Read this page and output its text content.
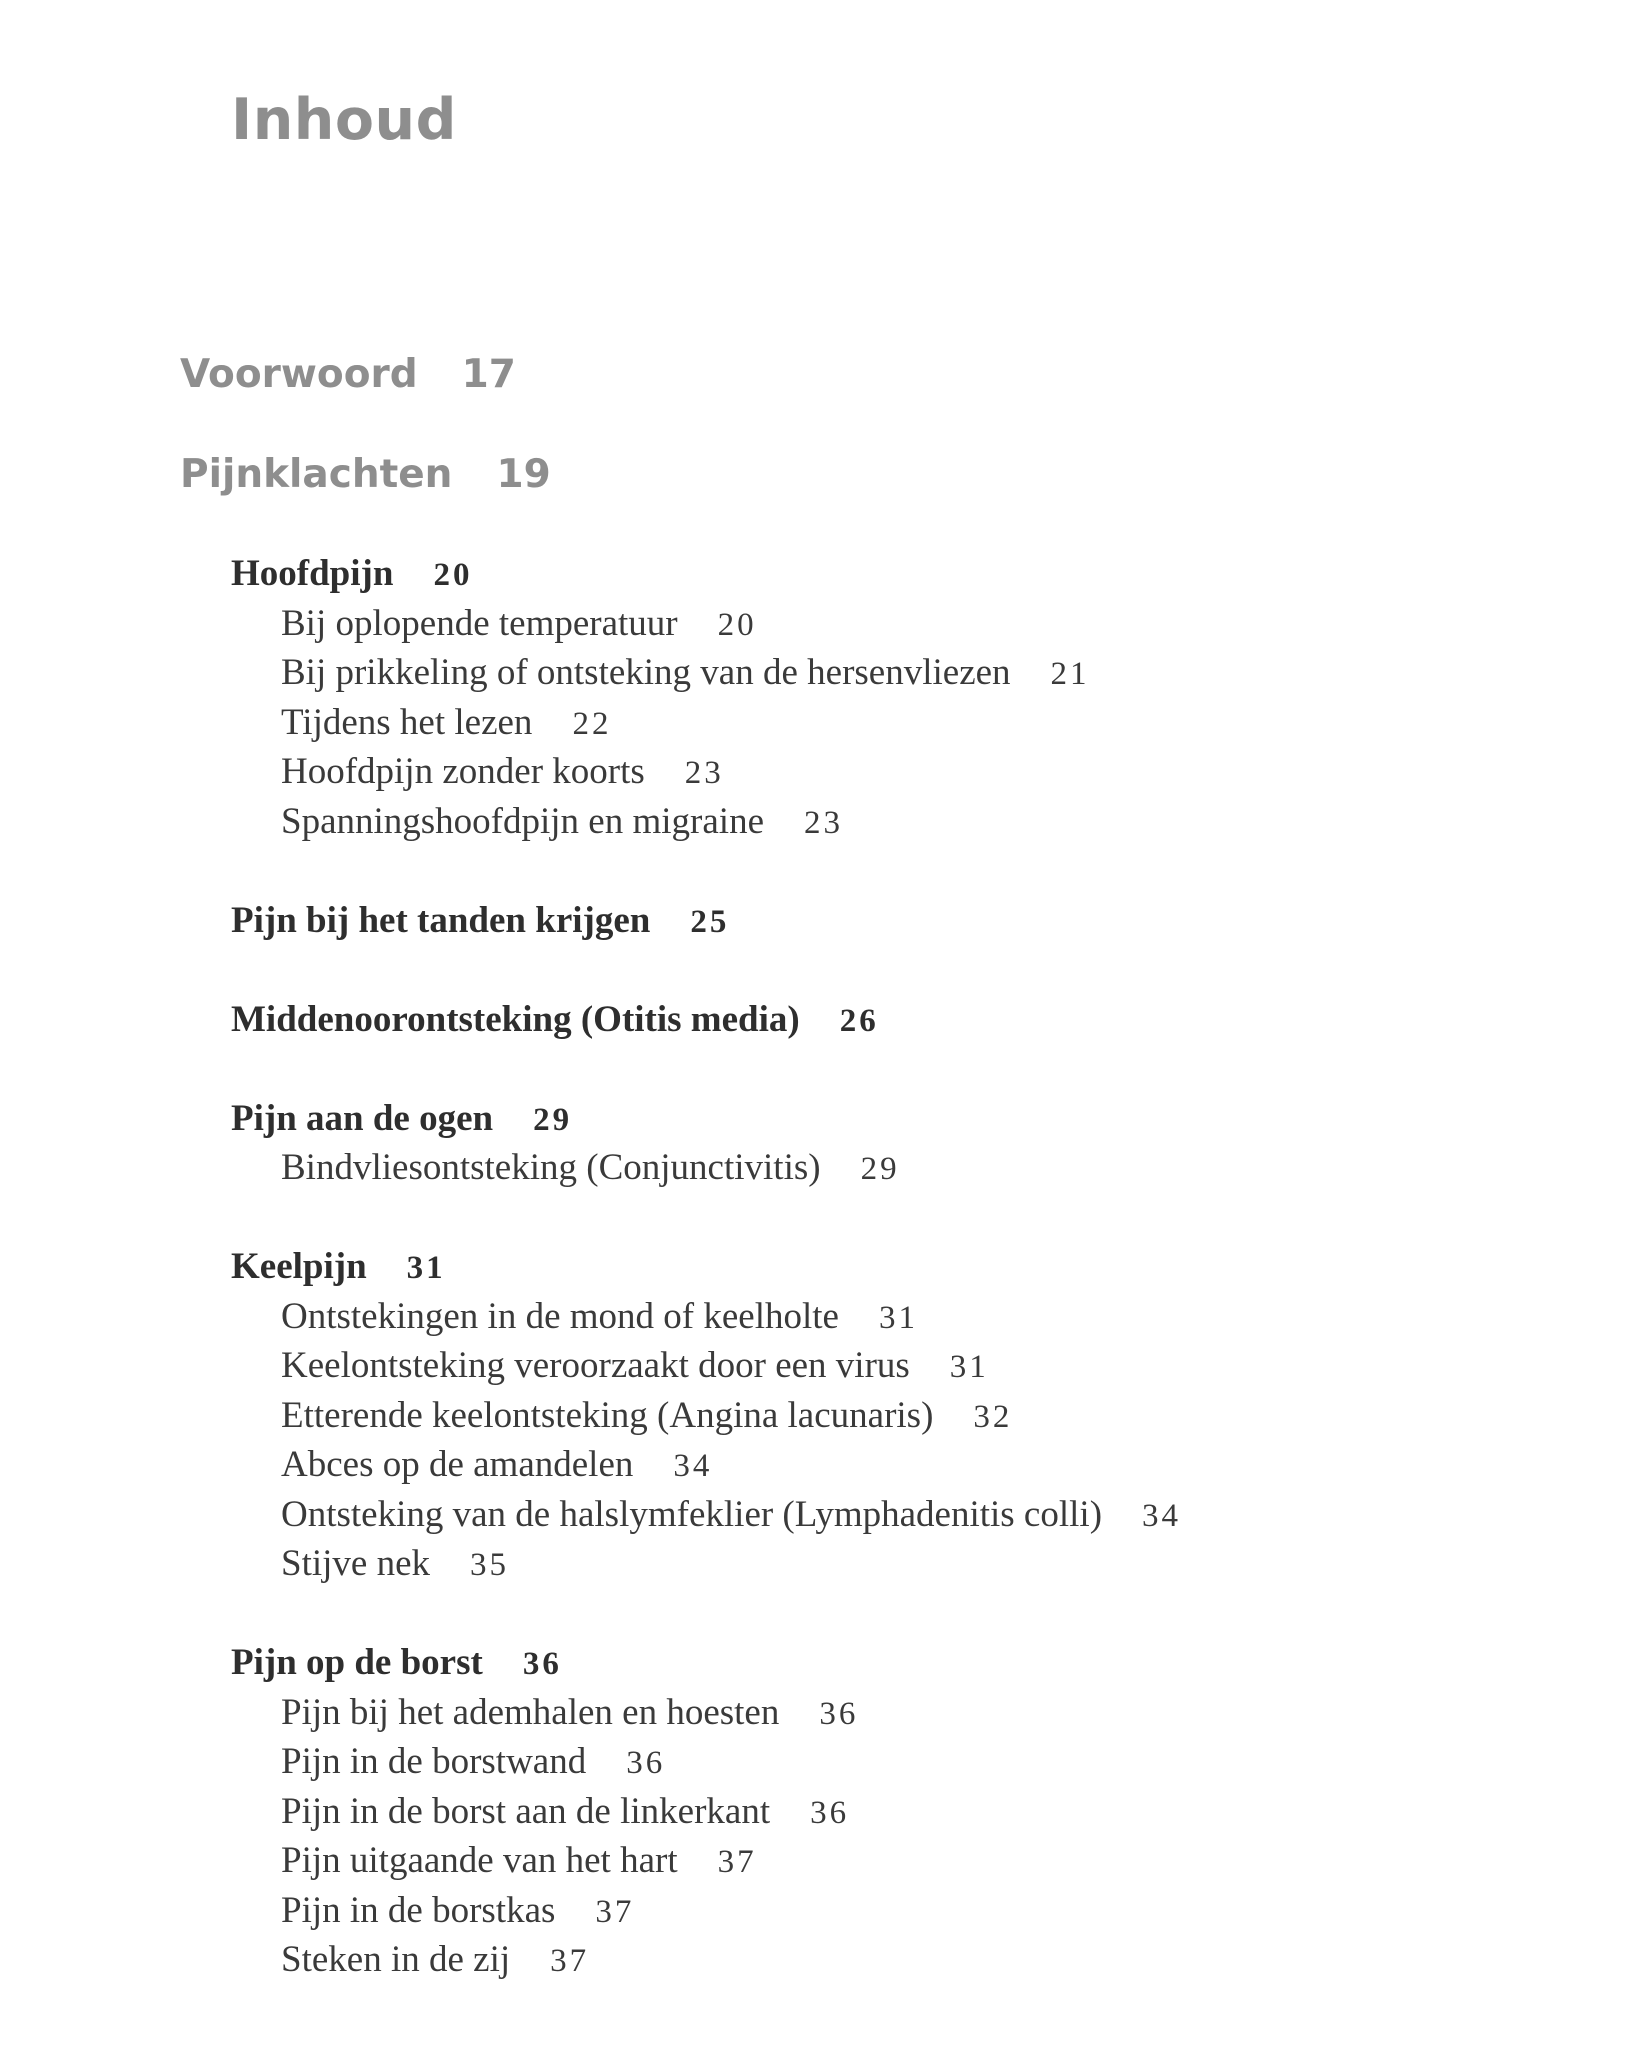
Inhoud
Voorwoord 17
Pijnklachten 19
Hoofdpijn 20
Bij oplopende temperatuur 20
Bij prikkeling of ontsteking van de hersenvliezen 21
Tijdens het lezen 22
Hoofdpijn zonder koorts 23
Spanningshoofdpijn en migraine 23
Pijn bij het tanden krijgen 25
Middenoorontsteking (Otitis media) 26
Pijn aan de ogen 29
Bindvliesontsteking (Conjunctivitis) 29
Keelpijn 31
Ontstekingen in de mond of keelholte 31
Keelontsteking veroorzaakt door een virus 31
Etterende keelontsteking (Angina lacunaris) 32
Abces op de amandelen 34
Ontsteking van de halslymfeklier (Lymphadenitis colli) 34
Stijve nek 35
Pijn op de borst 36
Pijn bij het ademhalen en hoesten 36
Pijn in de borstwand 36
Pijn in de borst aan de linkerkant 36
Pijn uitgaande van het hart 37
Pijn in de borstkas 37
Steken in de zij 37
